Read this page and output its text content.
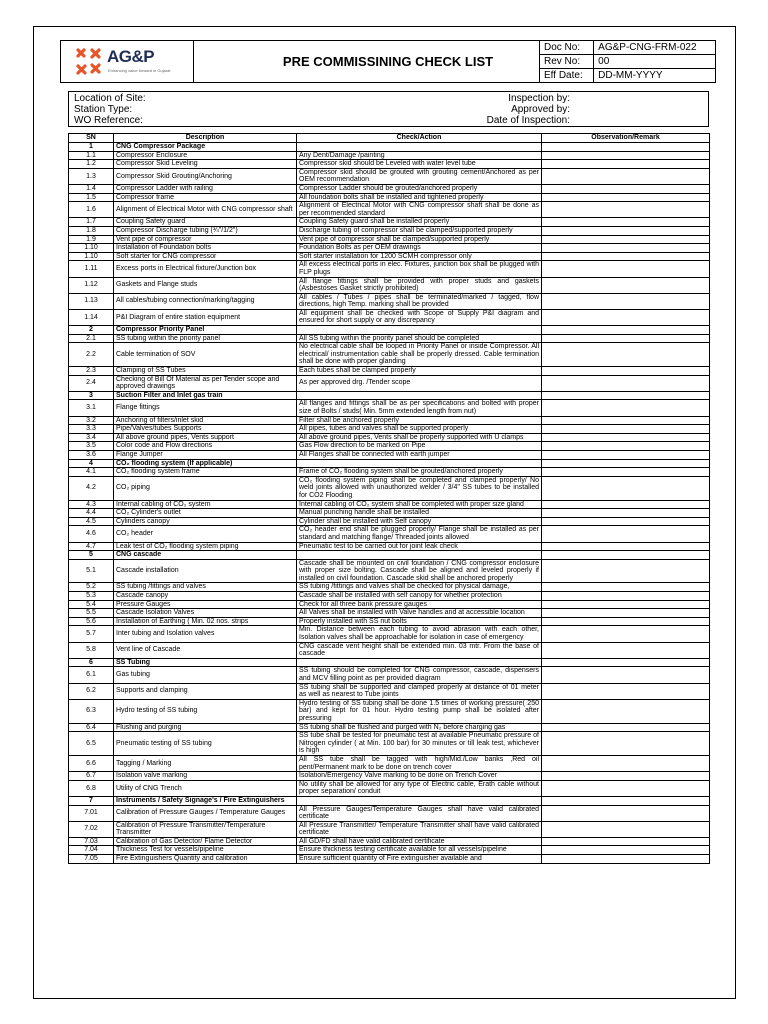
AG&P
Enhancing value forward in Gujarat
PRE COMMISSINING CHECK LIST
Doc No:	AG&P-CNG-FRM-022
Rev No:	00
Eff Date:	DD-MM-YYYY
Location of Site:
Station Type:
WO Reference:
Inspection by:
Approved by:
Date of Inspection:
SN	Description	Check/Action	Observation/Remark
1	CNG Compressor Package		
1.1	Compressor Enclosure	Any Dent/Damage /painting	
1.2	Compressor Skid Leveling	Compressor skid should be Leveled with water level tube	
1.3	Compressor Skid Grouting/Anchoring	Compressor skid should be grouted with grouting cement/Anchored as per OEM recommendation	
1.4	Compressor Ladder with railing	Compressor Ladder should be grouted/anchored properly	
1.5	Compressor frame	All foundation bolts shall be installed and tightened properly	
1.6	Alignment of Electrical Motor with CNG compressor shaft	Alignment of Electrical Motor with CNG compressor shaft shall be done as per recommended standard	
1.7	Coupling Safety guard	Coupling Safety guard shall be installed properly	
1.8	Compressor Discharge tubing (¾"/1/2")	Discharge tubing of compressor shall be clamped/supported properly	
1.9	Vent pipe of compressor	Vent pipe of compressor shall be clamped/supported properly	
1.10	Installation of Foundation bolts	Foundation Bolts as per OEM drawings	
1.10	Soft starter for CNG compressor	Soft starter installation for 1200 SCMH compressor only	
1.11	Excess ports in Electrical fixture/Junction box	All excess electrical ports in elec. Fixtures, junction box shall be plugged with FLP plugs	
1.12	Gaskets and Flange studs	All flange fittings shall be provided with proper studs and gaskets (Asbestoses Gasket strictly prohibited)	
1.13	All cables/tubing connection/marking/tagging	All cables / Tubes / pipes shall be terminated/marked / tagged, flow directions, high Temp. marking shall be provided	
1.14	P&I Diagram of entire station equipment	All equipment shall be checked with Scope of Supply P&I diagram and ensured for short supply or any discrepancy	
2	Compressor Priority Panel		
2.1	SS tubing within the priority panel	All SS tubing within the priority panel should be completed	
2.2	Cable termination of SOV	No electrical cable shall be looped in Priority Panel or inside Compressor. All electrical/ instrumentation cable shall be properly dressed. Cable termination shall be done with proper glanding	
2.3	Clamping of SS Tubes	Each tubes shall be clamped properly	
2.4	Checking of Bill Of Material as per Tender scope and approved drawings	As per approved drg. /Tender scope	
3	Suction Filter and Inlet gas train		
3.1	Flange fittings	All flanges and fittings shall be as per specifications and bolted with proper size of Bolts / studs( Min. 5mm extended length from nut)	
3.2	Anchoring of filters/inlet skid	Filter shall be anchored properly	
3.3	Pipe/Valves/tubes Supports	All pipes, tubes and valves shall be supported properly	
3.4	All above ground pipes, Vents support	All above ground pipes, Vents shall be properly supported with U clamps	
3.5	Color code and Flow directions	Gas Flow direction to be marked on Pipe	
3.6	Flange Jumper	All Flanges shall be connected with earth jumper	
4	CO₂ flooding system (If applicable)		
4.1	CO₂ flooding system frame	Frame of CO₂ flooding system shall be grouted/anchored properly	
4.2	CO₂ piping	CO₂ flooding system piping shall be completed and clamped properly/ No weld joints allowed with unauthorized welder / 3/4" SS tubes to be installed for CO2 Flooding	
4.3	Internal cabling of CO₂ system	Internal cabling of CO₂ system shall be completed with proper size gland	
4.4	CO₂ Cylinder's outlet	Manual punching handle shall be installed	
4.5	Cylinders canopy	Cylinder shall be installed with Self canopy	
4.6	CO₂ header	CO₂ header end shall be plugged properly/ Flange shall be installed as per standard and matching flange/ Threaded joints allowed	
4.7	Leak test of CO₂ flooding system piping	Pneumatic test to be carried out for joint leak check	
5	CNG cascade		
5.1	Cascade installation	Cascade shall be mounted on civil foundation / CNG compressor enclosure with proper size bolting. Cascade shall be aligned and leveled properly if installed on civil foundation. Cascade skid shall be anchored properly	
5.2	SS tubing /fittings and valves	SS tubing /fittings and valves shall be checked for physical damage,	
5.3	Cascade canopy	Cascade shall be installed with self canopy for whether protection	
5.4	Pressure Gauges	Check for all three bank pressure gauges	
5.5	Cascade Isolation Valves	All Valves shall be installed with Valve handles and at accessible location	
5.6	Installation of Earthing ( Min. 02 nos. strips	Properly installed with SS nut bolts	
5.7	Inter tubing and Isolation valves	Min. Distance between each tubing to avoid abrasion with each other, Isolation valves shall be approachable for isolation in case of emergency	
5.8	Vent line of Cascade	CNG cascade vent height shall be extended min. 03 mtr. From the base of cascade	
6	SS Tubing		
6.1	Gas tubing	SS tubing should be completed for CNG compressor, cascade, dispensers and MCV filling point as per provided diagram	
6.2	Supports and clamping	SS tubing shall be supported and clamped properly at distance of 01 meter as well as nearest to Tube joints	
6.3	Hydro testing of SS tubing	Hydro testing of SS tubing shall be done 1.5 times of working pressure( 250 bar) and kept for 01 hour. Hydro testing pump shall be isolated after pressuring	
6.4	Flushing and purging	SS tubing shall be flushed and purged with N₂ before charging gas	
6.5	Pneumatic testing of SS tubing	SS tube shall be tested for pneumatic test at available Pneumatic pressure of Nitrogen cylinder ( at Min. 100 bar) for 30 minutes or till leak test, whichever is high	
6.6	Tagging / Marking	All SS tube shall be tagged with high/Mid./Low banks ,Red oil pent/Permanent mark to be done on trench cover	
6.7	Isolation valve marking	Isolation/Emergency Valve marking to be done on Trench Cover	
6.8	Utility of CNG Trench	No utility shall be allowed for any type of Electric cable, Erath cable without proper separation/ conduit	
7	Instruments / Safety Signage's / Fire Extinguishers		
7.01	Calibration of Pressure Gauges / Temperature Gauges	All Pressure Gauges/Temperature Gauges shall have valid calibrated certificate	
7.02	Calibration of Pressure Transmitter/Temperature Transmitter	All Pressure Transmitter/ Temperature Transmitter shall have valid calibrated certificate	
7.03	Calibration of Gas Detector/ Flame Detector	All GD/FD shall have valid calibrated certificate	
7.04	Thickness Test for vessels/pipeline	Ensure thickness testing certificate available for all vessels/pipeline	
7.05	Fire Extinguishers Quantity and calibration	Ensure sufficient quantity of Fire extinguisher available and	
